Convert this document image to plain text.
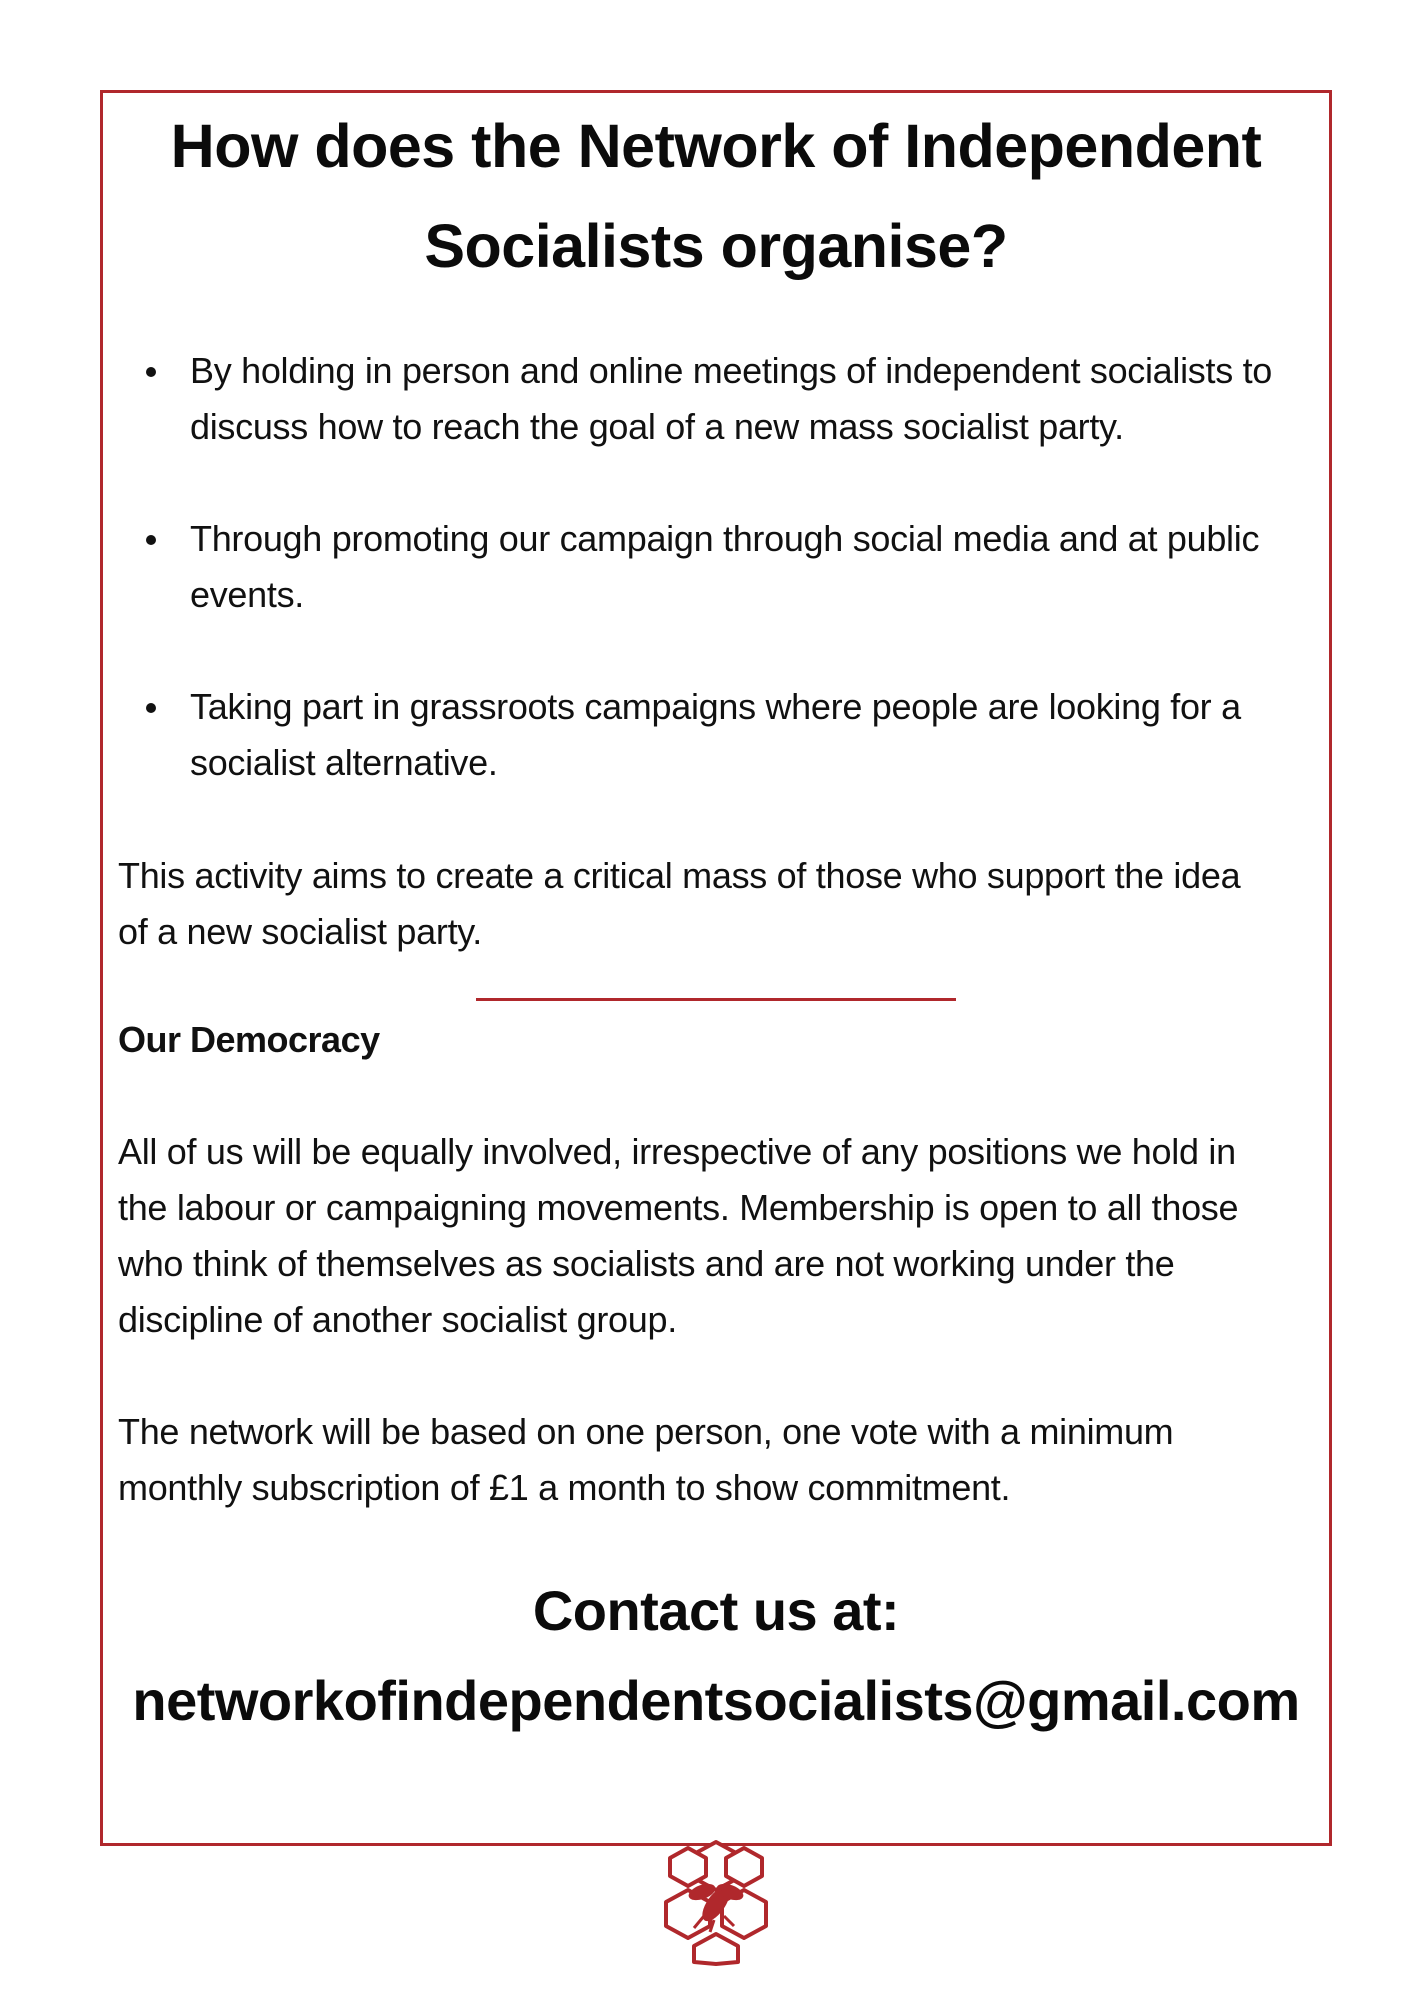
How does the Network of Independent
Socialists organise?
By holding in person and online meetings of independent socialists to
discuss how to reach the goal of a new mass socialist party.
Through promoting our campaign through social media and at public
events.
Taking part in grassroots campaigns where people are looking for a
socialist alternative.

This activity aims to create a critical mass of those who support the idea
of a new socialist party.

Our Democracy

All of us will be equally involved, irrespective of any positions we hold in
the labour or campaigning movements. Membership is open to all those
who think of themselves as socialists and are not working under the
discipline of another socialist group.

The network will be based on one person, one vote with a minimum
monthly subscription of £1 a month to show commitment.

Contact us at:

networkofindependentsocialists@gmail.com
